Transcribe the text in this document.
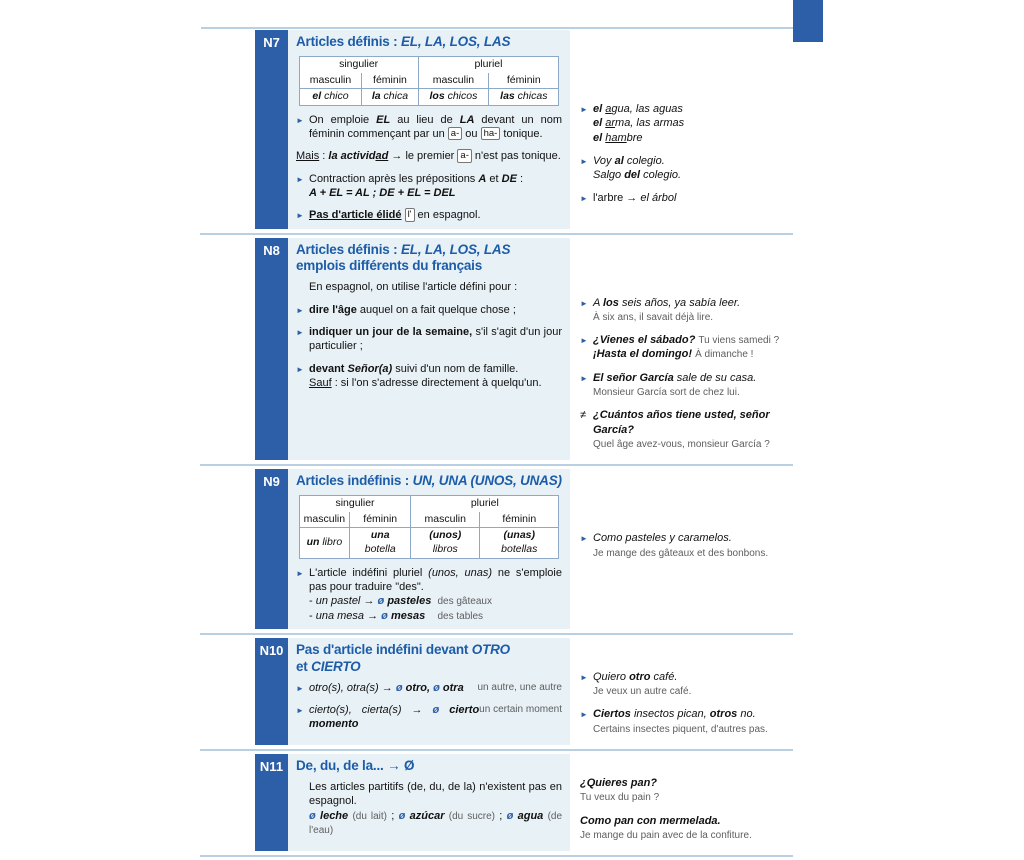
N7	Articles définis : EL, LA, LOS, LAS
singulier		pluriel	
masculin	féminin	masculin	féminin
el chico	la chica	los chicos	las chicas
► On emploie EL au lieu de LA devant un nom féminin commençant par un a- ou ha- tonique.
Mais : la actividad → le premier a- n'est pas tonique.
► Contraction après les prépositions A et DE :
A + EL = AL ; DE + EL = DEL
► Pas d'article élidé l' en espagnol.
► el agua, las aguas
el arma, las armas
el hambre
► Voy al colegio.
Salgo del colegio.
► l'arbre → el árbol
N8	Articles définis : EL, LA, LOS, LAS
emplois différents du français
En espagnol, on utilise l'article défini pour :
► dire l'âge auquel on a fait quelque chose ;
► indiquer un jour de la semaine, s'il s'agit d'un jour particulier ;
► devant Señor(a) suivi d'un nom de famille.
Sauf : si l'on s'adresse directement à quelqu'un.
► A los seis años, ya sabía leer.
À six ans, il savait déjà lire.
► ¿Vienes el sábado? Tu viens samedi ?
¡Hasta el domingo! À dimanche !
► El señor García sale de su casa.
Monsieur García sort de chez lui.
≠ ¿Cuántos años tiene usted, señor García?
Quel âge avez-vous, monsieur García ?
N9	Articles indéfinis : UN, UNA (UNOS, UNAS)
singulier		pluriel	
masculin	féminin	masculin	féminin
un libro	una botella	(unos) libros	(unas) botellas
► L'article indéfini pluriel (unos, unas) ne s'emploie pas pour traduire "des".
- un pastel → ø pasteles des gâteaux
- una mesa → ø mesas des tables
► Como pasteles y caramelos.
Je mange des gâteaux et des bonbons.
N10 Pas d'article indéfini devant OTRO
et CIERTO
►	un autre, une autre
otro(s), otra(s) → ø otro, ø otra
►	un certain moment
cierto(s), cierta(s) → ø cierto momento
► Quiero otro café.
Je veux un autre café.
► Ciertos insectos pican, otros no.
Certains insectes piquent, d'autres pas.
N11 De, du, de la... → Ø
Les articles partitifs (de, du, de la) n'existent pas en espagnol.
ø leche (du lait) ; ø azúcar (du sucre) ; ø agua (de l'eau)
¿Quieres pan?
Tu veux du pain ?
Como pan con mermelada.
Je mange du pain avec de la confiture.
